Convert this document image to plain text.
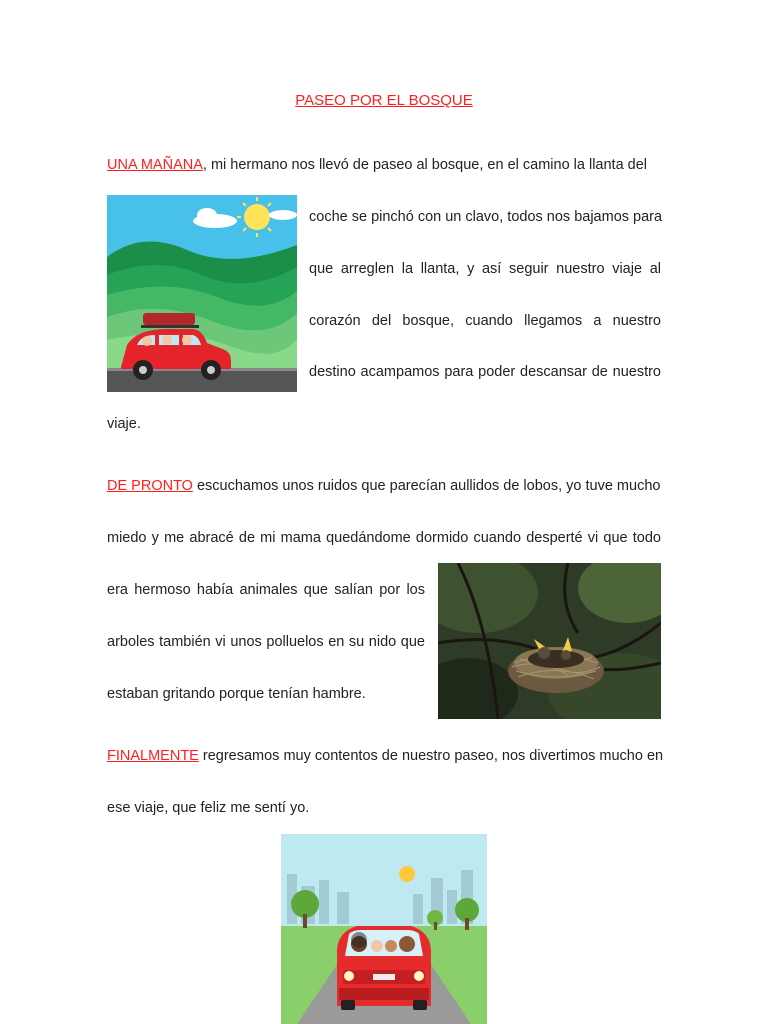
PASEO POR EL BOSQUE
UNA MAÑANA, mi hermano nos llevó de paseo al bosque, en el camino la llanta del
coche se pinchó con un clavo, todos nos bajamos para
que arreglen la llanta, y así seguir nuestro viaje al
corazón del bosque, cuando llegamos a nuestro
destino acampamos para poder descansar de nuestro
viaje.
DE PRONTO escuchamos unos ruidos que parecían aullidos de lobos, yo tuve mucho
miedo y me abracé de mi mama quedándome dormido cuando desperté vi que todo
era hermoso había animales que salían por los
arboles también vi unos polluelos en su nido que
estaban gritando porque tenían hambre.
FINALMENTE regresamos muy contentos de nuestro paseo, nos divertimos mucho en
ese viaje, que feliz me sentí yo.
